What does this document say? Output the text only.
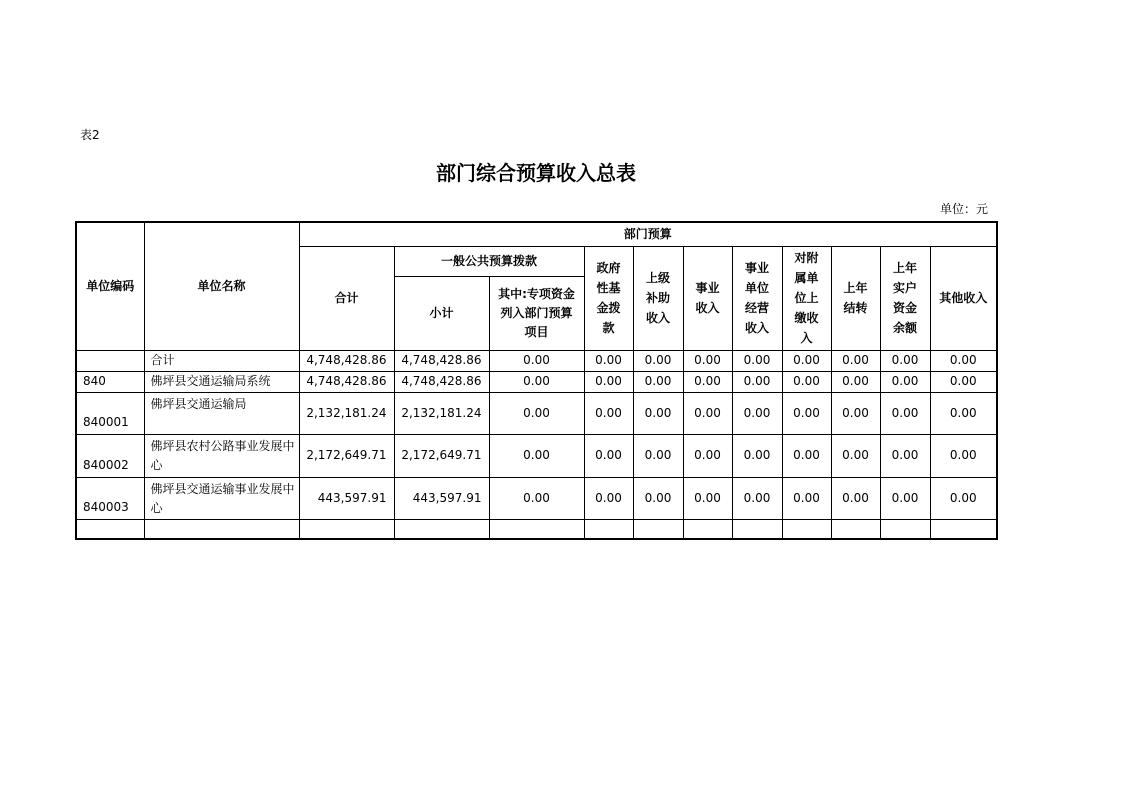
表2
部门综合预算收入总表
单位：元
单位编码	单位名称	部门预算										
		合计	一般公共预算拨款		政府性基金拨款	上级补助收入	事业收入	事业单位经营收入	对附属单位上缴收入	上年结转	上年实户资金余额	其他收入
			小计	其中:专项资金列入部门预算项目								

	合计	4,748,428.86	4,748,428.86	0.00	0.00	0.00	0.00	0.00	0.00	0.00	0.00	0.00
840	佛坪县交通运输局系统	4,748,428.86	4,748,428.86	0.00	0.00	0.00	0.00	0.00	0.00	0.00	0.00	0.00
840001	佛坪县交通运输局	2,132,181.24	2,132,181.24	0.00	0.00	0.00	0.00	0.00	0.00	0.00	0.00	0.00
840002	佛坪县农村公路事业发展中心	2,172,649.71	2,172,649.71	0.00	0.00	0.00	0.00	0.00	0.00	0.00	0.00	0.00
840003	佛坪县交通运输事业发展中心	443,597.91	443,597.91	0.00	0.00	0.00	0.00	0.00	0.00	0.00	0.00	0.00
